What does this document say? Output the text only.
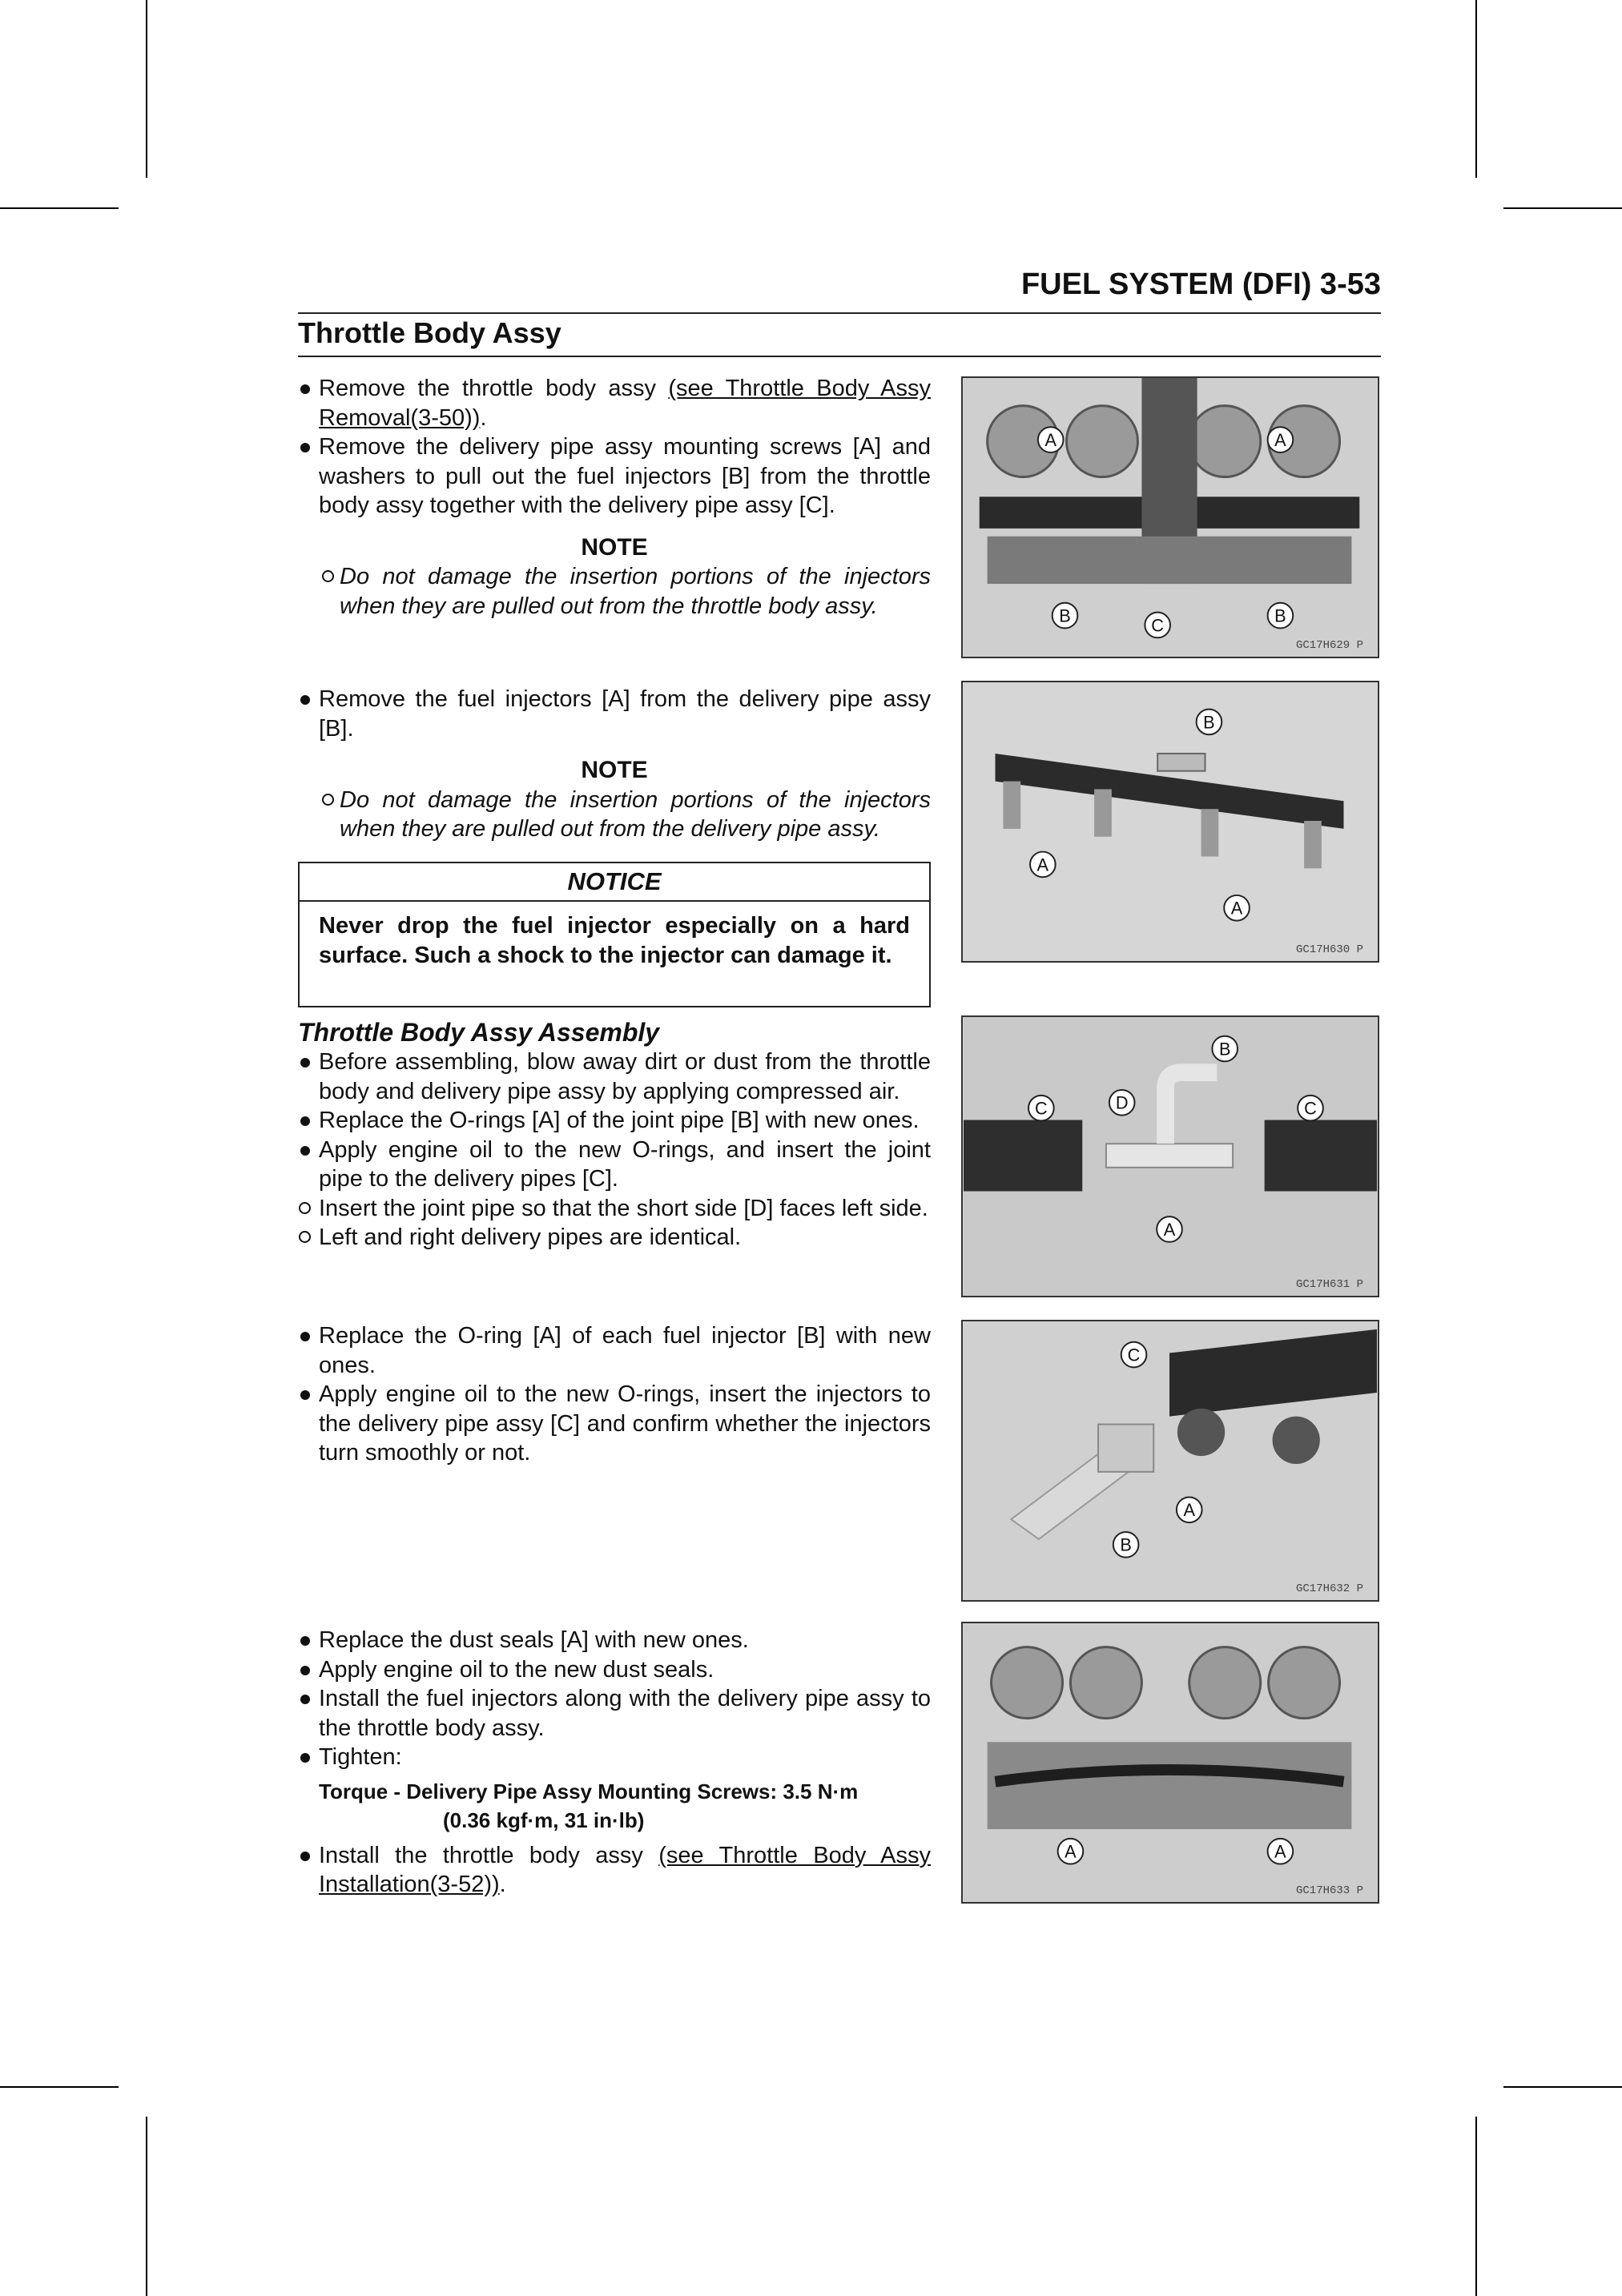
FUEL SYSTEM (DFI) 3-53
Throttle Body Assy
Remove the throttle body assy (see Throttle Body Assy Removal(3-50)).
Remove the delivery pipe assy mounting screws [A] and washers to pull out the fuel injectors [B] from the throttle body assy together with the delivery pipe assy [C].
NOTE
Do not damage the insertion portions of the injectors when they are pulled out from the throttle body assy.
Remove the fuel injectors [A] from the delivery pipe assy [B].
NOTE
Do not damage the insertion portions of the injectors when they are pulled out from the delivery pipe assy.
NOTICE
Never drop the fuel injector especially on a hard surface. Such a shock to the injector can damage it.
Throttle Body Assy Assembly
Before assembling, blow away dirt or dust from the throttle body and delivery pipe assy by applying compressed air.
Replace the O-rings [A] of the joint pipe [B] with new ones.
Apply engine oil to the new O-rings, and insert the joint pipe to the delivery pipes [C].
Insert the joint pipe so that the short side [D] faces left side.
Left and right delivery pipes are identical.
Replace the O-ring [A] of each fuel injector [B] with new ones.
Apply engine oil to the new O-rings, insert the injectors to the delivery pipe assy [C] and confirm whether the injectors turn smoothly or not.
Replace the dust seals [A] with new ones.
Apply engine oil to the new dust seals.
Install the fuel injectors along with the delivery pipe assy to the throttle body assy.
Tighten:
Torque - Delivery Pipe Assy Mounting Screws: 3.5 N·m
(0.36 kgf·m, 31 in·lb)
Install the throttle body assy (see Throttle Body Assy Installation(3-52)).
A	A
B	C	B
GC17H629 P
B
A
A
GC17H630 P
B
C	D	C
A
GC17H631 P
C
A
B
GC17H632 P
A	A
GC17H633 P
